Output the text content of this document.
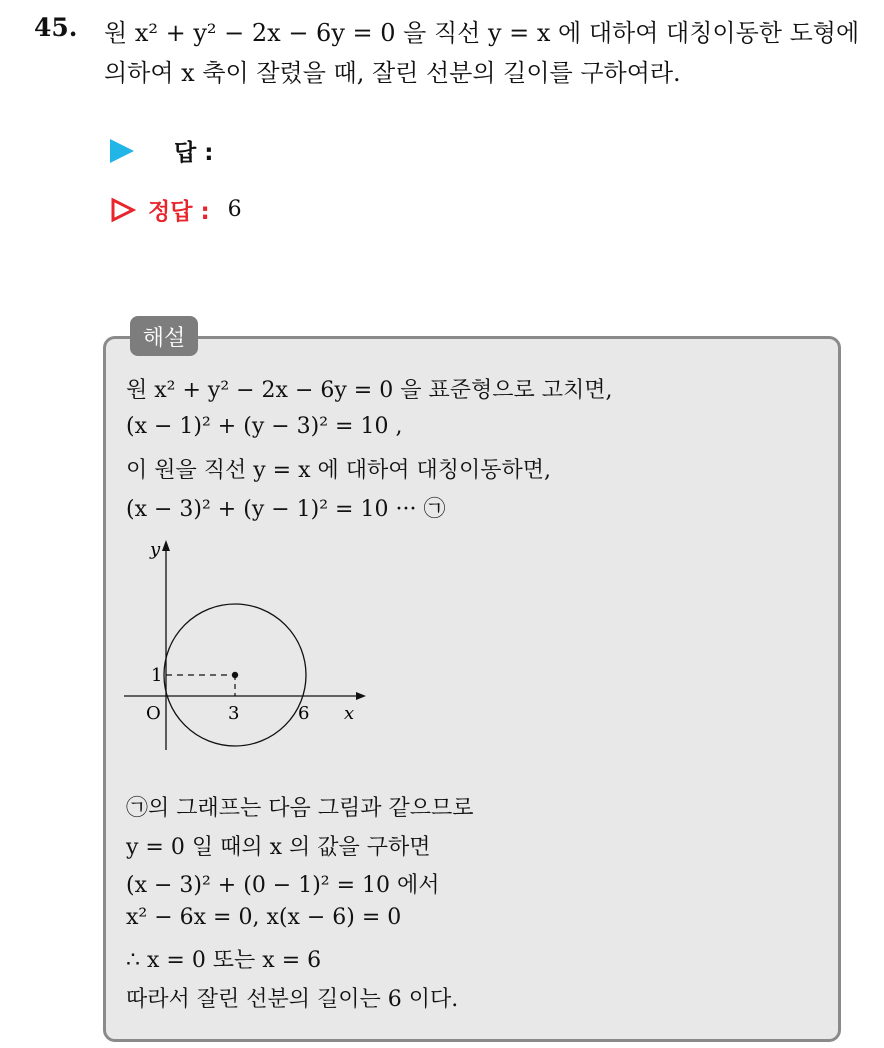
45. 원 x² + y² − 2x − 6y = 0 을 직선 y = x 에 대하여 대칭이동한 도형에 의하여 x 축이 잘렸을 때, 잘린 선분의 길이를 구하여라.
답 :
정답 : 6
해설
원 x² + y² − 2x − 6y = 0 을 표준형으로 고치면,
(x − 1)² + (y − 3)² = 10 ,
이 원을 직선 y = x 에 대하여 대칭이동하면,
(x − 3)² + (y − 1)² = 10 ··· ㉠
y
x
O	3	6
1
㉠의 그래프는 다음 그림과 같으므로
y = 0 일 때의 x 의 값을 구하면
(x − 3)² + (0 − 1)² = 10 에서
x² − 6x = 0, x(x − 6) = 0
∴ x = 0 또는 x = 6
따라서 잘린 선분의 길이는 6 이다.
